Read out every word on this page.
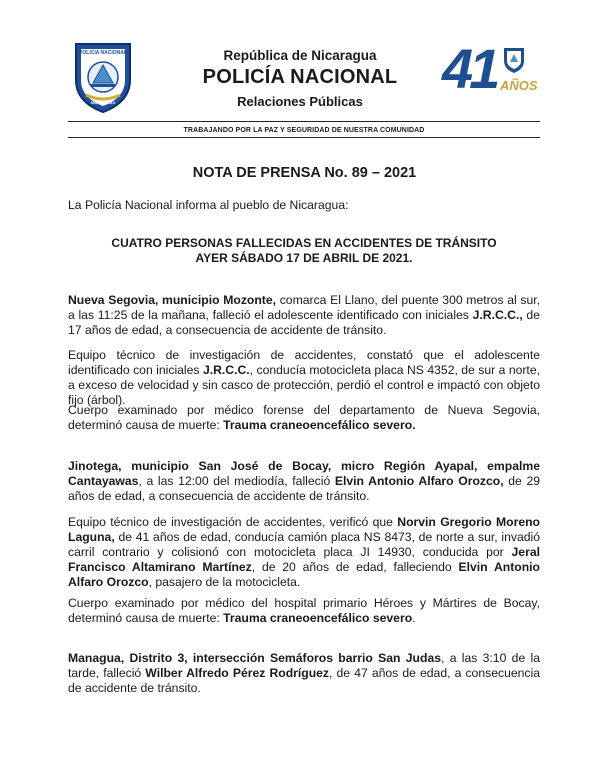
POLICIA NACIONAL
NICARAGUA
República de Nicaragua
POLICÍA NACIONAL
Relaciones Públicas
41 AÑOS
TRABAJANDO POR LA PAZ Y SEGURIDAD DE NUESTRA COMUNIDAD
NOTA DE PRENSA No. 89 – 2021
La Policía Nacional informa al pueblo de Nicaragua:
CUATRO PERSONAS FALLECIDAS EN ACCIDENTES DE TRÁNSITO
AYER SÁBADO 17 DE ABRIL DE 2021.
Nueva Segovia, municipio Mozonte, comarca El Llano, del puente 300 metros al sur, a las 11:25 de la mañana, falleció el adolescente identificado con iniciales J.R.C.C., de 17 años de edad, a consecuencia de accidente de tránsito.
Equipo técnico de investigación de accidentes, constató que el adolescente identificado con iniciales J.R.C.C., conducía motocicleta placa NS 4352, de sur a norte, a exceso de velocidad y sin casco de protección, perdió el control e impactó con objeto fijo (árbol).
Cuerpo examinado por médico forense del departamento de Nueva Segovia, determinó causa de muerte: Trauma craneoencefálico severo.
Jinotega, municipio San José de Bocay, micro Región Ayapal, empalme Cantayawas, a las 12:00 del mediodía, falleció Elvin Antonio Alfaro Orozco, de 29 años de edad, a consecuencia de accidente de tránsito.
Equipo técnico de investigación de accidentes, verificó que Norvin Gregorio Moreno Laguna, de 41 años de edad, conducía camión placa NS 8473, de norte a sur, invadió carril contrario y colisionó con motocicleta placa JI 14930, conducida por Jeral Francisco Altamirano Martínez, de 20 años de edad, falleciendo Elvin Antonio Alfaro Orozco, pasajero de la motocicleta.
Cuerpo examinado por médico del hospital primario Héroes y Mártires de Bocay, determinó causa de muerte: Trauma craneoencefálico severo.
Managua, Distrito 3, intersección Semáforos barrio San Judas, a las 3:10 de la tarde, falleció Wilber Alfredo Pérez Rodríguez, de 47 años de edad, a consecuencia de accidente de tránsito.
